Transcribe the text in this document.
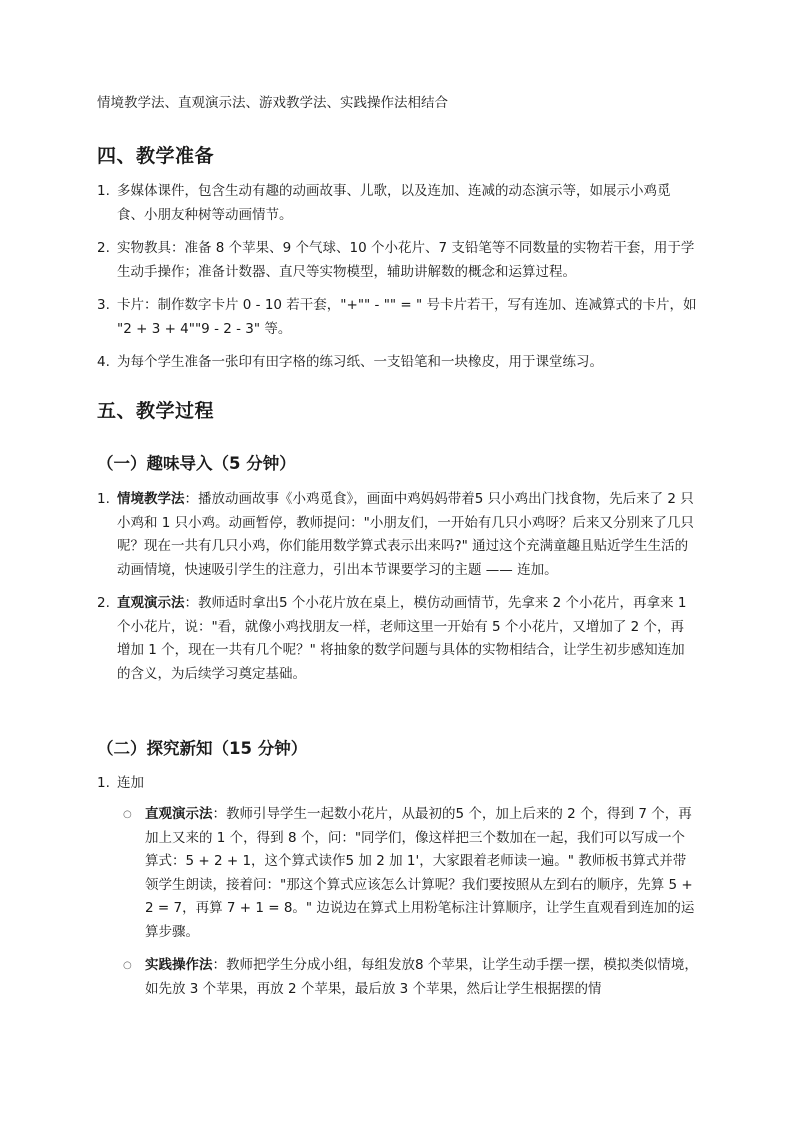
情境教学法、直观演示法、游戏教学法、实践操作法相结合
四、教学准备
1. 多媒体课件，包含生动有趣的动画故事、儿歌，以及连加、连减的动态演示等，如展示小鸡觅食、小朋友种树等动画情节。
2. 实物教具：准备 8 个苹果、9 个气球、10 个小花片、7 支铅笔等不同数量的实物若干套，用于学生动手操作；准备计数器、直尺等实物模型，辅助讲解数的概念和运算过程。
3. 卡片：制作数字卡片 0 - 10 若干套，"+"" - "" = " 号卡片若干，写有连加、连减算式的卡片，如 "2 + 3 + 4""9 - 2 - 3" 等。
4. 为每个学生准备一张印有田字格的练习纸、一支铅笔和一块橡皮，用于课堂练习。
五、教学过程
（一）趣味导入（5 分钟）
1. 情境教学法：播放动画故事《小鸡觅食》，画面中鸡妈妈带着5 只小鸡出门找食物，先后来了 2 只小鸡和 1 只小鸡。动画暂停，教师提问："小朋友们，一开始有几只小鸡呀？后来又分别来了几只呢？现在一共有几只小鸡，你们能用数学算式表示出来吗?" 通过这个充满童趣且贴近学生生活的动画情境，快速吸引学生的注意力，引出本节课要学习的主题 —— 连加。
2. 直观演示法：教师适时拿出5 个小花片放在桌上，模仿动画情节，先拿来 2 个小花片，再拿来 1 个小花片，说："看，就像小鸡找朋友一样，老师这里一开始有 5 个小花片，又增加了 2 个，再增加 1 个，现在一共有几个呢？" 将抽象的数学问题与具体的实物相结合，让学生初步感知连加的含义，为后续学习奠定基础。
（二）探究新知（15 分钟）
1. 连加
○ 直观演示法：教师引导学生一起数小花片，从最初的5 个，加上后来的 2 个，得到 7 个，再加上又来的 1 个，得到 8 个，问："同学们，像这样把三个数加在一起，我们可以写成一个算式：5 + 2 + 1，这个算式读作5 加 2 加 1'，大家跟着老师读一遍。" 教师板书算式并带领学生朗读，接着问："那这个算式应该怎么计算呢？我们要按照从左到右的顺序，先算 5 + 2 = 7，再算 7 + 1 = 8。" 边说边在算式上用粉笔标注计算顺序，让学生直观看到连加的运算步骤。
○ 实践操作法：教师把学生分成小组，每组发放8 个苹果，让学生动手摆一摆，模拟类似情境，如先放 3 个苹果，再放 2 个苹果，最后放 3 个苹果，然后让学生根据摆的情
